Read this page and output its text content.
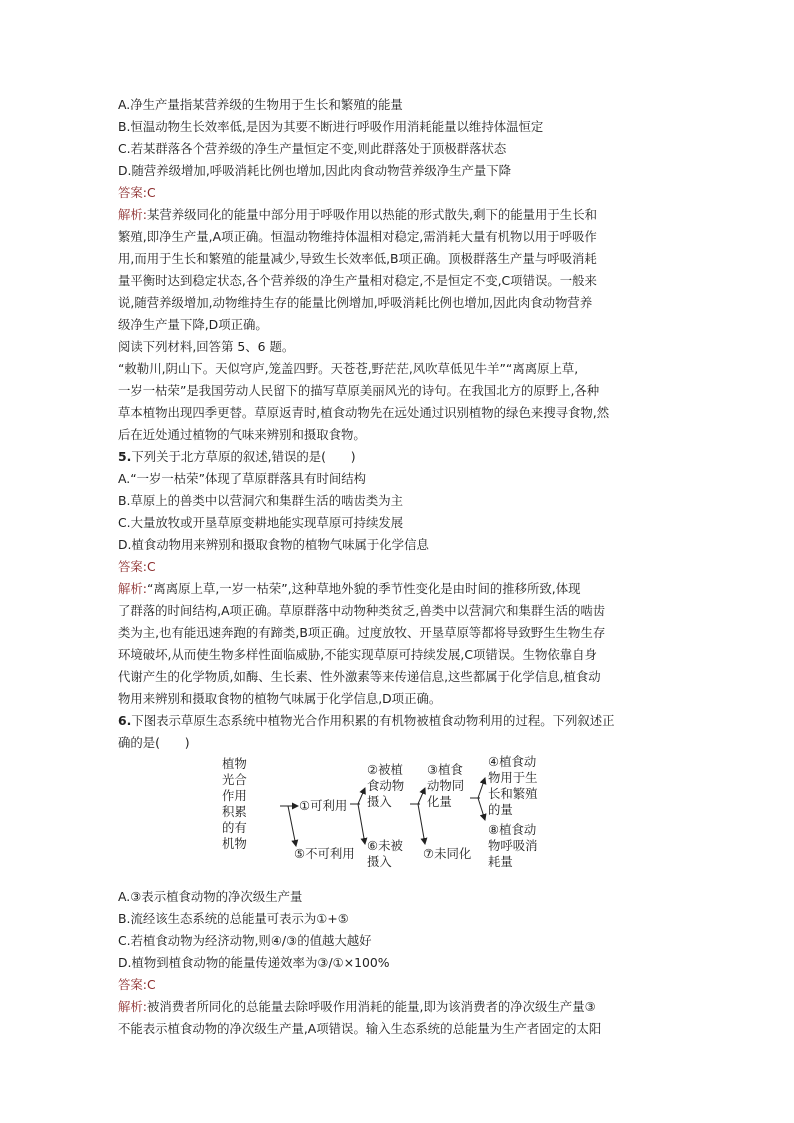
A.净生产量指某营养级的生物用于生长和繁殖的能量
B.恒温动物生长效率低,是因为其要不断进行呼吸作用消耗能量以维持体温恒定
C.若某群落各个营养级的净生产量恒定不变,则此群落处于顶极群落状态
D.随营养级增加,呼吸消耗比例也增加,因此肉食动物营养级净生产量下降
答案:C
解析:某营养级同化的能量中部分用于呼吸作用以热能的形式散失,剩下的能量用于生长和
繁殖,即净生产量,A项正确。恒温动物维持体温相对稳定,需消耗大量有机物以用于呼吸作
用,而用于生长和繁殖的能量减少,导致生长效率低,B项正确。顶极群落生产量与呼吸消耗
量平衡时达到稳定状态,各个营养级的净生产量相对稳定,不是恒定不变,C项错误。一般来
说,随营养级增加,动物维持生存的能量比例增加,呼吸消耗比例也增加,因此肉食动物营养
级净生产量下降,D项正确。
阅读下列材料,回答第 5、6 题。
“敕勒川,阴山下。天似穹庐,笼盖四野。天苍苍,野茫茫,风吹草低见牛羊”“离离原上草,
一岁一枯荣”是我国劳动人民留下的描写草原美丽风光的诗句。在我国北方的原野上,各种
草本植物出现四季更替。草原返青时,植食动物先在远处通过识别植物的绿色来搜寻食物,然
后在近处通过植物的气味来辨别和摄取食物。
5.下列关于北方草原的叙述,错误的是(　　)
A.“一岁一枯荣”体现了草原群落具有时间结构
B.草原上的兽类中以营洞穴和集群生活的啮齿类为主
C.大量放牧或开垦草原变耕地能实现草原可持续发展
D.植食动物用来辨别和摄取食物的植物气味属于化学信息
答案:C
解析:“离离原上草,一岁一枯荣”,这种草地外貌的季节性变化是由时间的推移所致,体现
了群落的时间结构,A项正确。草原群落中动物种类贫乏,兽类中以营洞穴和集群生活的啮齿
类为主,也有能迅速奔跑的有蹄类,B项正确。过度放牧、开垦草原等都将导致野生生物生存
环境破坏,从而使生物多样性面临威胁,不能实现草原可持续发展,C项错误。生物依靠自身
代谢产生的化学物质,如酶、生长素、性外激素等来传递信息,这些都属于化学信息,植食动
物用来辨别和摄取食物的植物气味属于化学信息,D项正确。
6.下图表示草原生态系统中植物光合作用积累的有机物被植食动物利用的过程。下列叙述正
确的是(　　)
植物
光合
作用
积累
的有
机物
①可利用
⑤不可利用
②被植
食动物
摄入
⑥未被
摄入
③植食
动物同
化量
⑦未同化
④植食动
物用于生
长和繁殖
的量
⑧植食动
物呼吸消
耗量
A.③表示植食动物的净次级生产量
B.流经该生态系统的总能量可表示为①+⑤
C.若植食动物为经济动物,则④/③的值越大越好
D.植物到植食动物的能量传递效率为③/①×100%
答案:C
解析:被消费者所同化的总能量去除呼吸作用消耗的能量,即为该消费者的净次级生产量③
不能表示植食动物的净次级生产量,A项错误。输入生态系统的总能量为生产者固定的太阳
